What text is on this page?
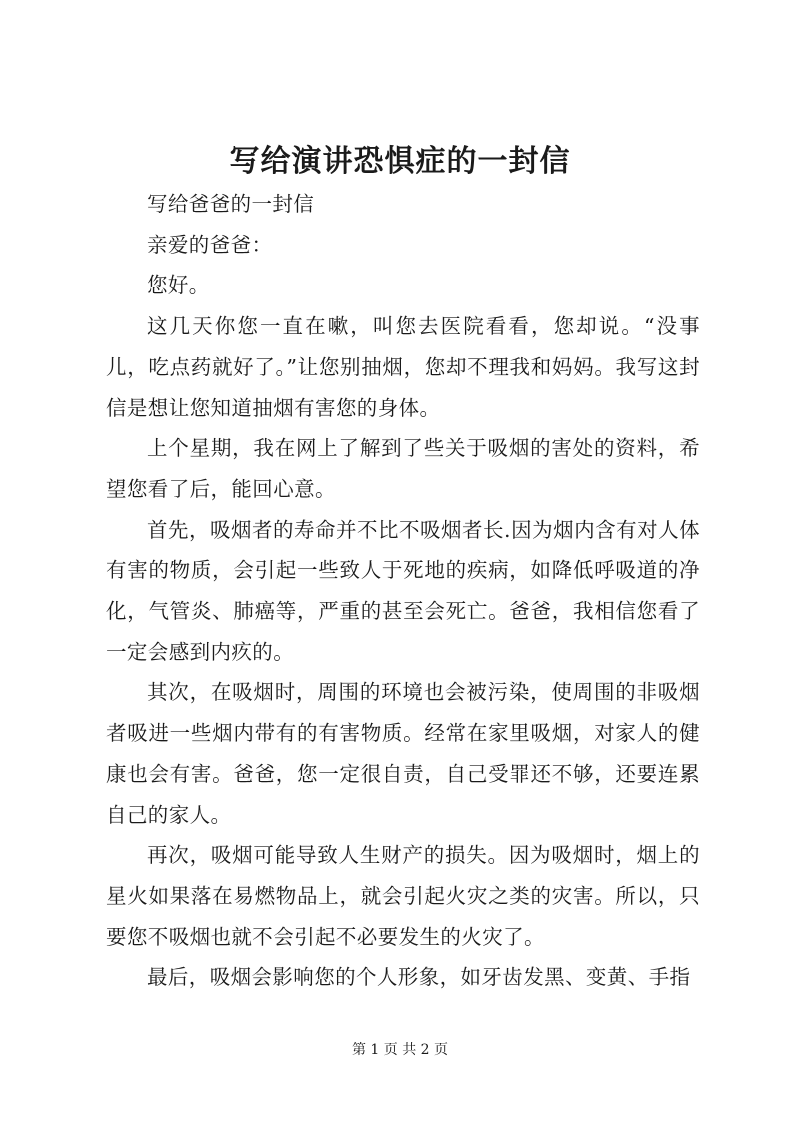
写给演讲恐惧症的一封信

写给爸爸的一封信

亲爱的爸爸：

您好。

这几天你您一直在嗽，叫您去医院看看，您却说。“没事儿，吃点药就好了。”让您别抽烟，您却不理我和妈妈。我写这封信是想让您知道抽烟有害您的身体。

上个星期，我在网上了解到了些关于吸烟的害处的资料，希望您看了后，能回心意。

首先，吸烟者的寿命并不比不吸烟者长.因为烟内含有对人体有害的物质，会引起一些致人于死地的疾病，如降低呼吸道的净化，气管炎、肺癌等，严重的甚至会死亡。爸爸，我相信您看了一定会感到内疚的。

其次，在吸烟时，周围的环境也会被污染，使周围的非吸烟者吸进一些烟内带有的有害物质。经常在家里吸烟，对家人的健康也会有害。爸爸，您一定很自责，自己受罪还不够，还要连累自己的家人。

再次，吸烟可能导致人生财产的损失。因为吸烟时，烟上的星火如果落在易燃物品上，就会引起火灾之类的灾害。所以，只要您不吸烟也就不会引起不必要发生的火灾了。

最后，吸烟会影响您的个人形象，如牙齿发黑、变黄、手指

第 1 页 共 2 页
